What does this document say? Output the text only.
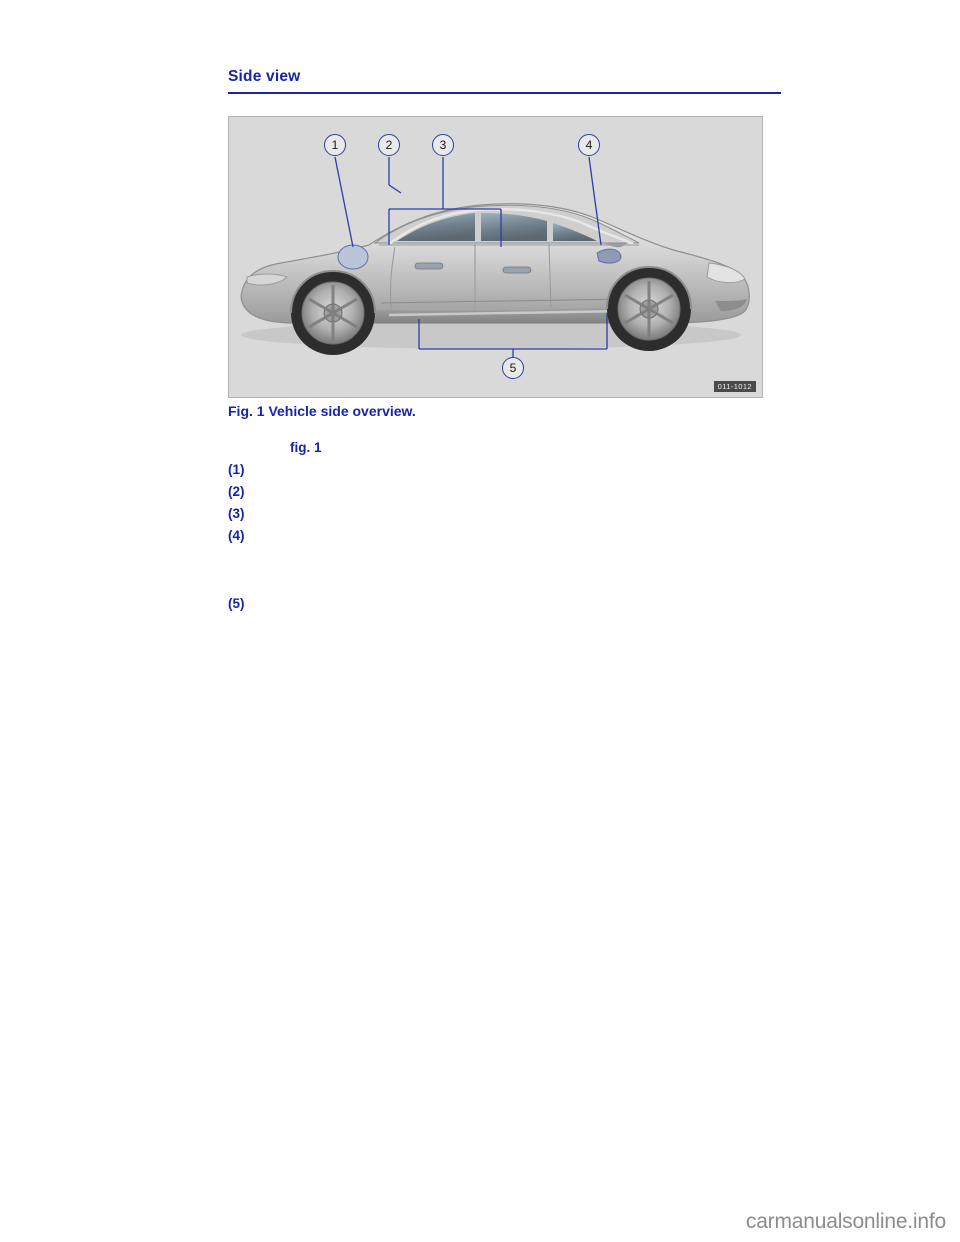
Side view
1	2	3	4
5
011-1012
Fig. 1 Vehicle side overview.
fig. 1
(1)
(2)
(3)
(4)
(5)
carmanualsonline.info
